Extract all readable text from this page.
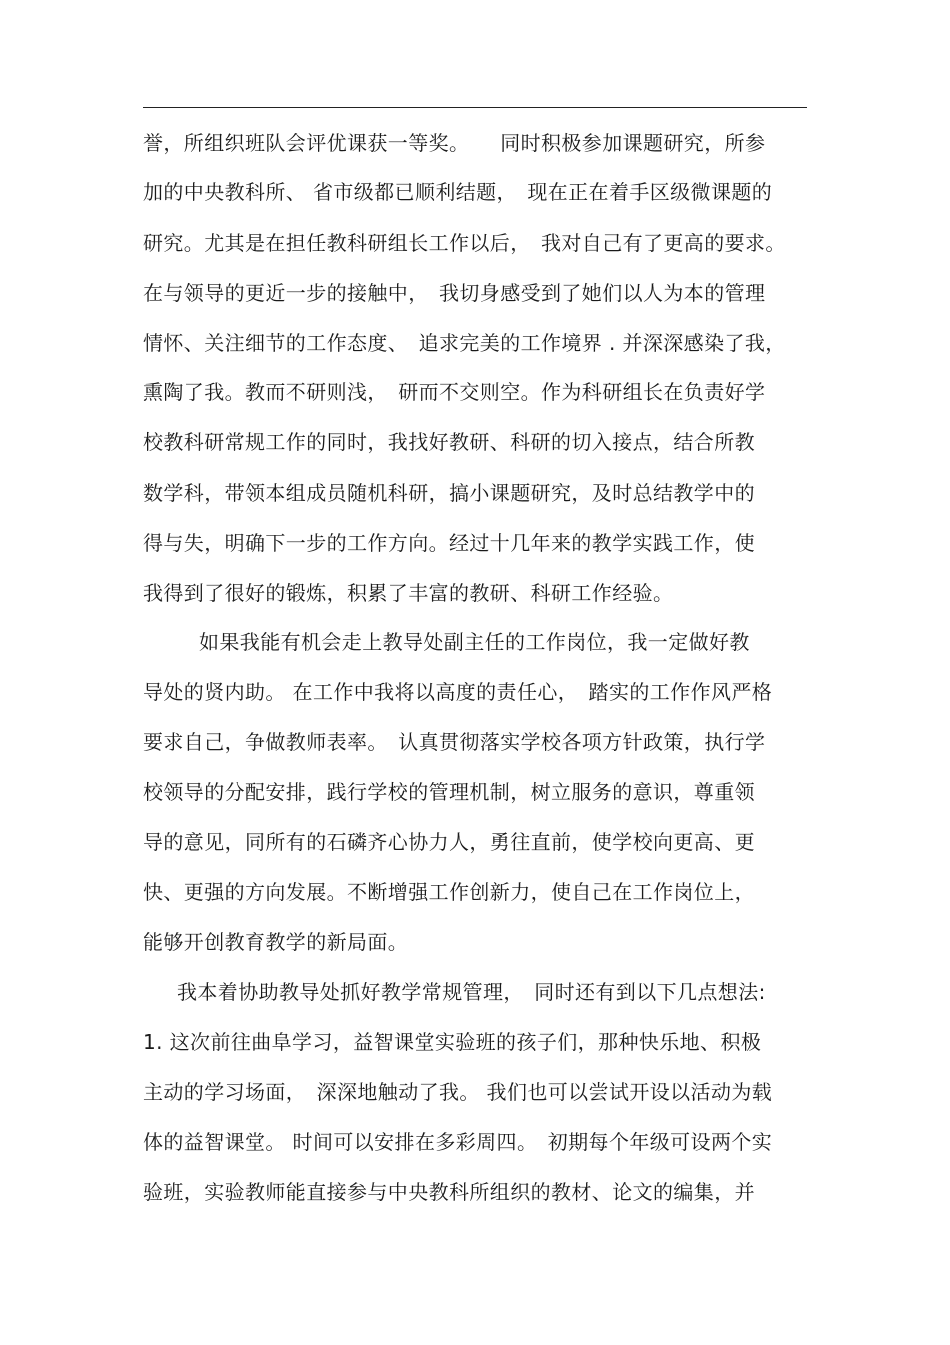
誉，所组织班队会评优课获一等奖。　　同时积极参加课题研究，所参
加的中央教科所、 省市级都已顺利结题，　现在正在着手区级微课题的
研究。尤其是在担任教科研组长工作以后，　我对自己有了更高的要求。
在与领导的更近一步的接触中，　我切身感受到了她们以人为本的管理
情怀、关注细节的工作态度、　追求完美的工作境界 . 并深深感染了我，
熏陶了我。教而不研则浅，　研而不交则空。作为科研组长在负责好学
校教科研常规工作的同时，我找好教研、科研的切入接点，结合所教
数学科，带领本组成员随机科研，搞小课题研究，及时总结教学中的
得与失，明确下一步的工作方向。经过十几年来的教学实践工作，使
我得到了很好的锻炼，积累了丰富的教研、科研工作经验。
如果我能有机会走上教导处副主任的工作岗位，我一定做好教
导处的贤内助。 在工作中我将以高度的责任心，　踏实的工作作风严格
要求自己，争做教师表率。　认真贯彻落实学校各项方针政策，执行学
校领导的分配安排，践行学校的管理机制，树立服务的意识，尊重领
导的意见，同所有的石磷齐心协力人，勇往直前，使学校向更高、更
快、更强的方向发展。不断增强工作创新力，使自己在工作岗位上，
能够开创教育教学的新局面。
我本着协助教导处抓好教学常规管理，　同时还有到以下几点想法:
1. 这次前往曲阜学习，益智课堂实验班的孩子们，那种快乐地、积极
主动的学习场面，　深深地触动了我。 我们也可以尝试开设以活动为载
体的益智课堂。 时间可以安排在多彩周四。　初期每个年级可设两个实
验班，实验教师能直接参与中央教科所组织的教材、论文的编集，并
